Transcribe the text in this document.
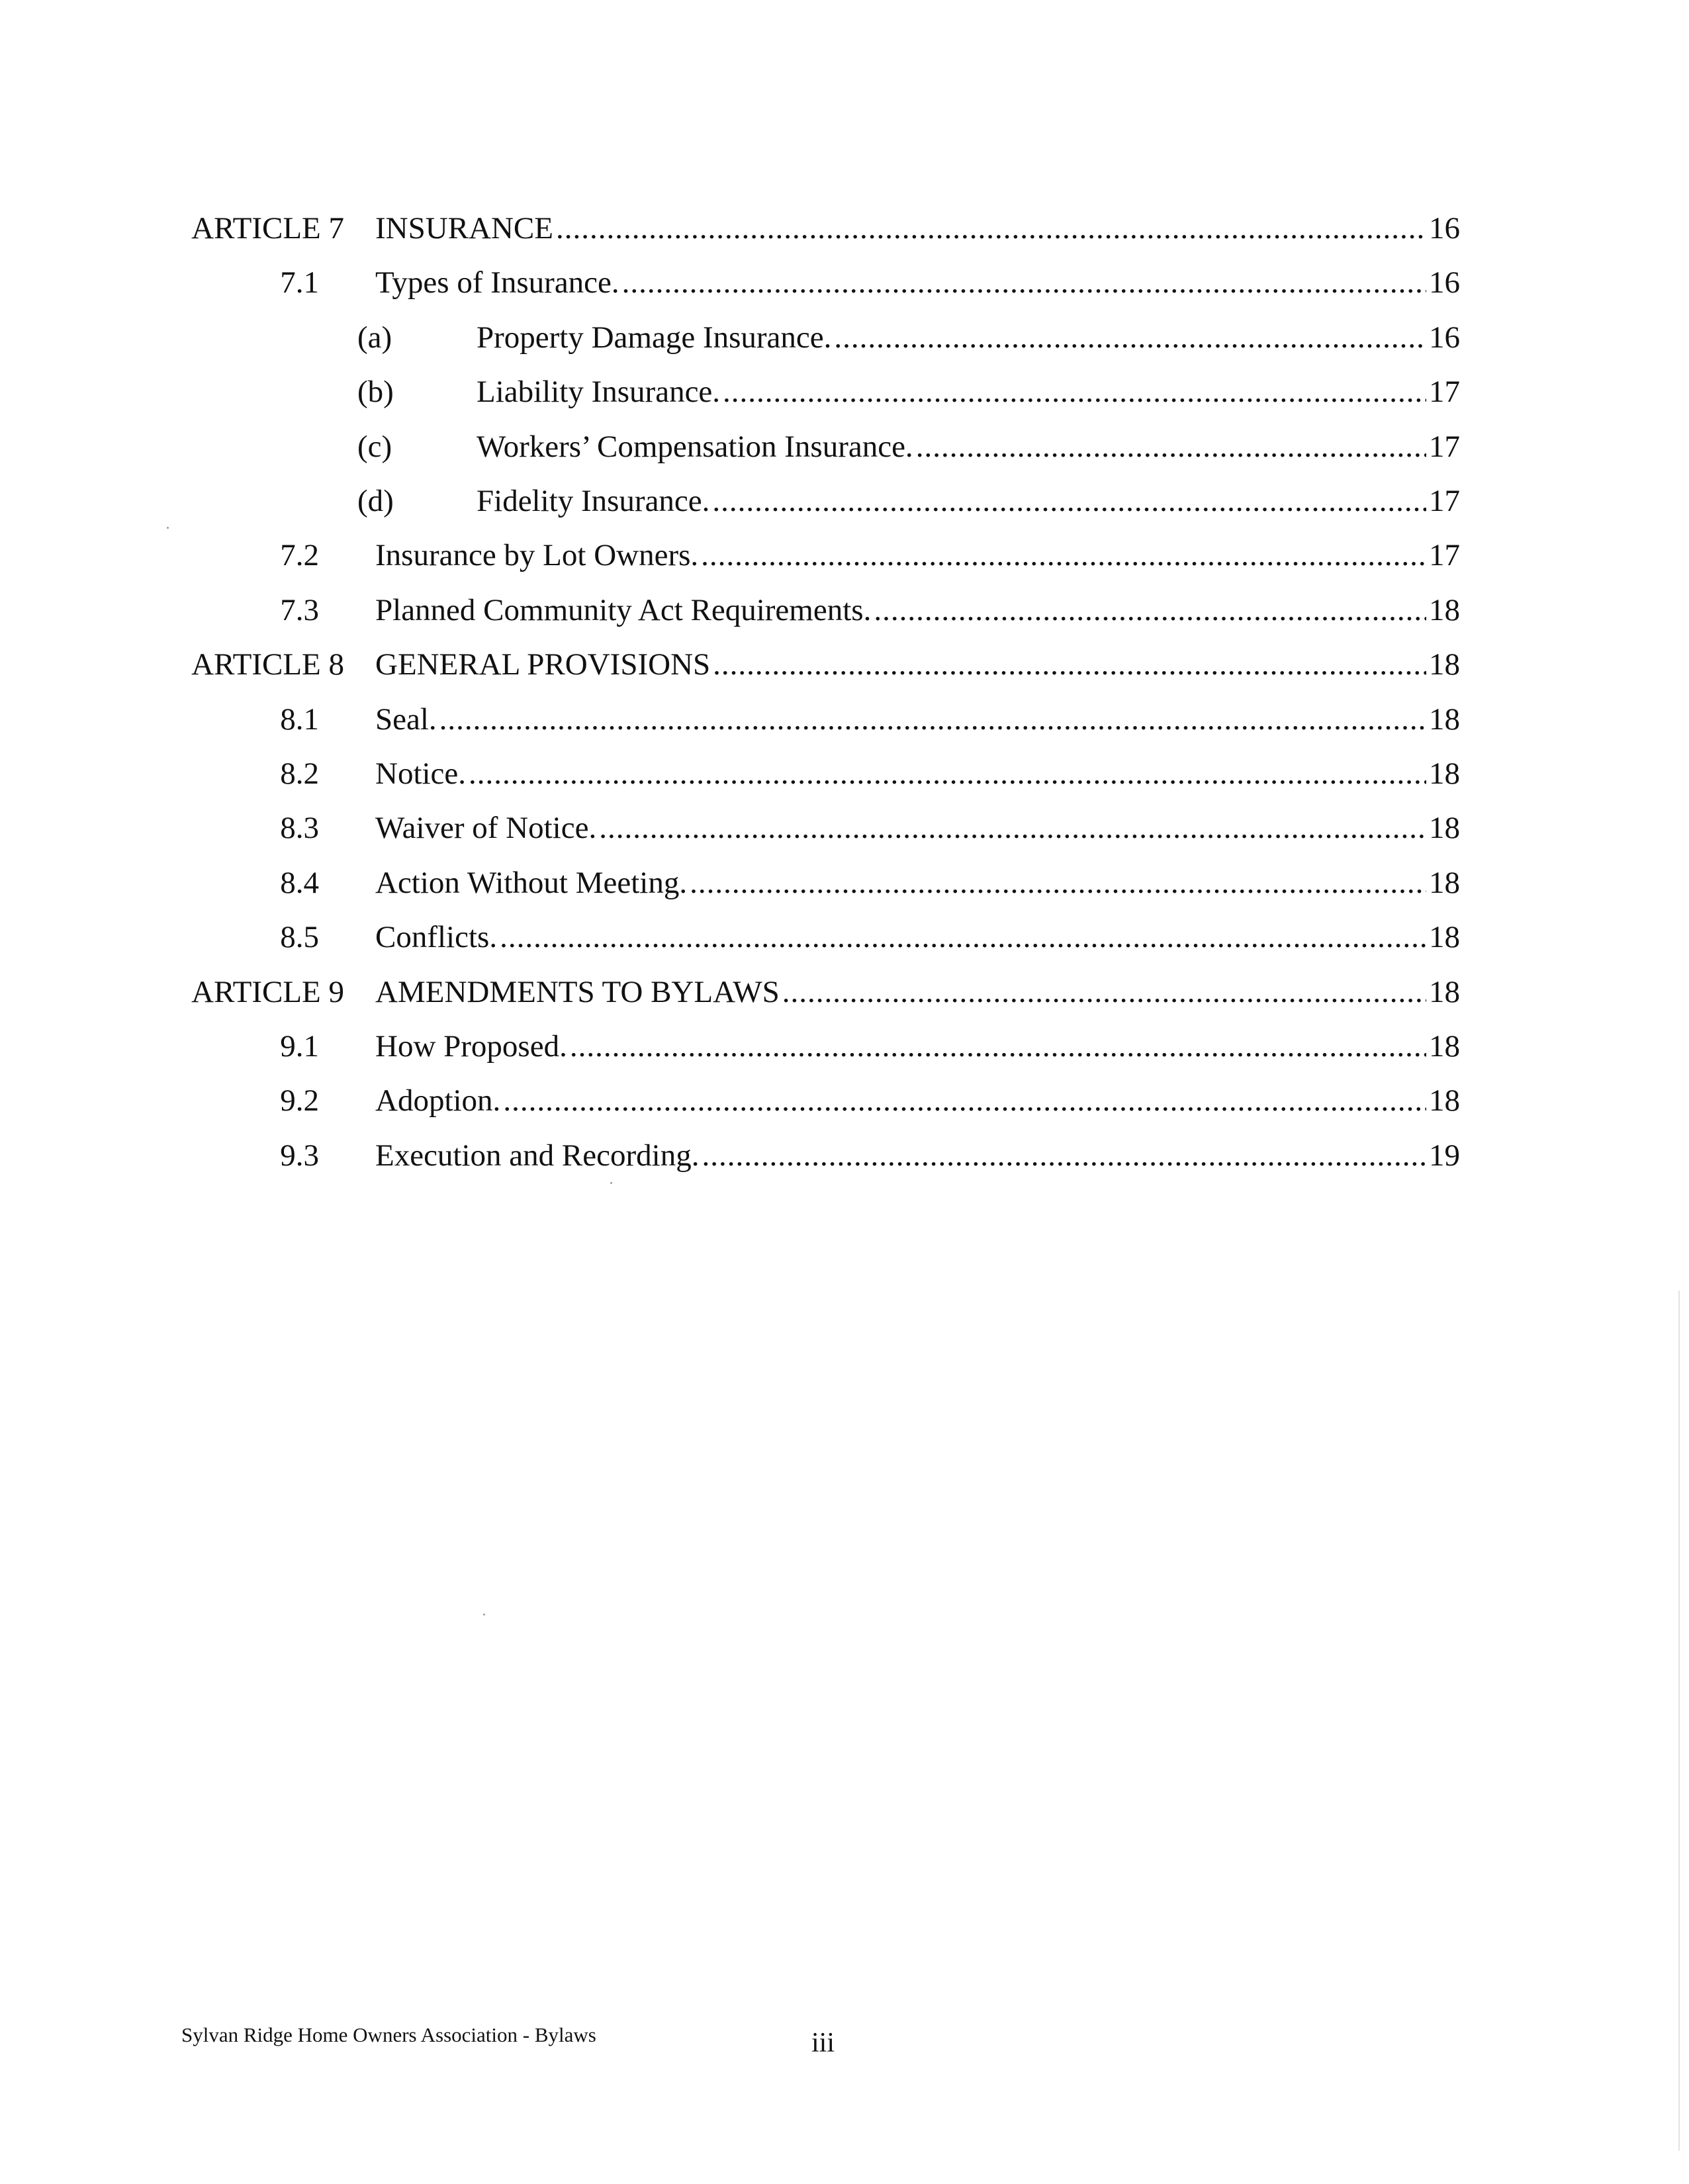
ARTICLE 7 INSURANCE .....	16
7.1 Types of Insurance. .....	16
(a)	Property Damage Insurance. .....	16
(b)	Liability Insurance. .....	17
(c)	Workers’ Compensation Insurance. .....	17
(d)	Fidelity Insurance. .....	17
7.2 Insurance by Lot Owners. .....	17
7.3 Planned Community Act Requirements. .....	18
ARTICLE 8 GENERAL PROVISIONS .....	18
8.1 Seal. .....	18
8.2 Notice. .....	18
8.3 Waiver of Notice. .....	18
8.4 Action Without Meeting. .....	18
8.5 Conflicts. .....	18
ARTICLE 9 AMENDMENTS TO BYLAWS .....	18
9.1 How Proposed. .....	18
9.2 Adoption. .....	18
9.3 Execution and Recording. .....	19
Sylvan Ridge Home Owners Association - Bylaws	iii
